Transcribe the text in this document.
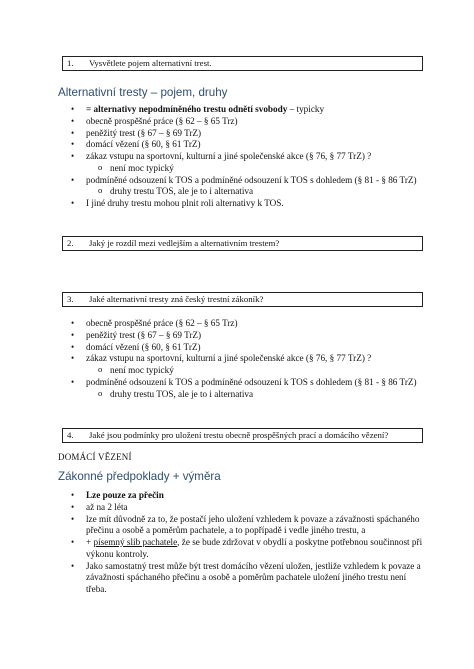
1. Vysvětlete pojem alternativní trest.
Alternativní tresty – pojem, druhy
• = alternativy nepodmíněného trestu odnětí svobody – typicky
• obecně prospěšné práce (§ 62 – § 65 Trz)
• peněžitý trest (§ 67 – § 69 TrZ)
• domácí vězení (§ 60, § 61 TrZ)
• zákaz vstupu na sportovní, kulturní a jiné společenské akce (§ 76, § 77 TrZ) ?
o není moc typický
• podmíněné odsouzení k TOS a podmíněné odsouzení k TOS s dohledem (§ 81 - § 86 TrZ)
o druhy trestu TOS, ale je to i alternativa
• I jiné druhy trestu mohou plnit roli alternativy k TOS.
2. Jaký je rozdíl mezi vedlejším a alternativním trestem?
3. Jaké alternativní tresty zná český trestní zákoník?
• obecně prospěšné práce (§ 62 – § 65 Trz)
• peněžitý trest (§ 67 – § 69 TrZ)
• domácí vězení (§ 60, § 61 TrZ)
• zákaz vstupu na sportovní, kulturní a jiné společenské akce (§ 76, § 77 TrZ) ?
o není moc typický
• podmíněné odsouzení k TOS a podmíněné odsouzení k TOS s dohledem (§ 81 - § 86 TrZ)
o druhy trestu TOS, ale je to i alternativa
4. Jaké jsou podmínky pro uložení trestu obecně prospěšných prací a domácího vězení?
DOMÁCÍ VĚZENÍ
Zákonné předpoklady + výměra
• Lze pouze za přečin
• až na 2 léta
• lze mít důvodně za to, že postačí jeho uložení vzhledem k povaze a závažnosti spáchaného přečinu a osobě a poměrům pachatele, a to popřípadě i vedle jiného trestu, a
• + písemný slib pachatele, že se bude zdržovat v obydlí a poskytne potřebnou součinnost při výkonu kontroly.
• Jako samostatný trest může být trest domácího vězení uložen, jestliže vzhledem k povaze a závažnosti spáchaného přečinu a osobě a poměrům pachatele uložení jiného trestu není třeba.
